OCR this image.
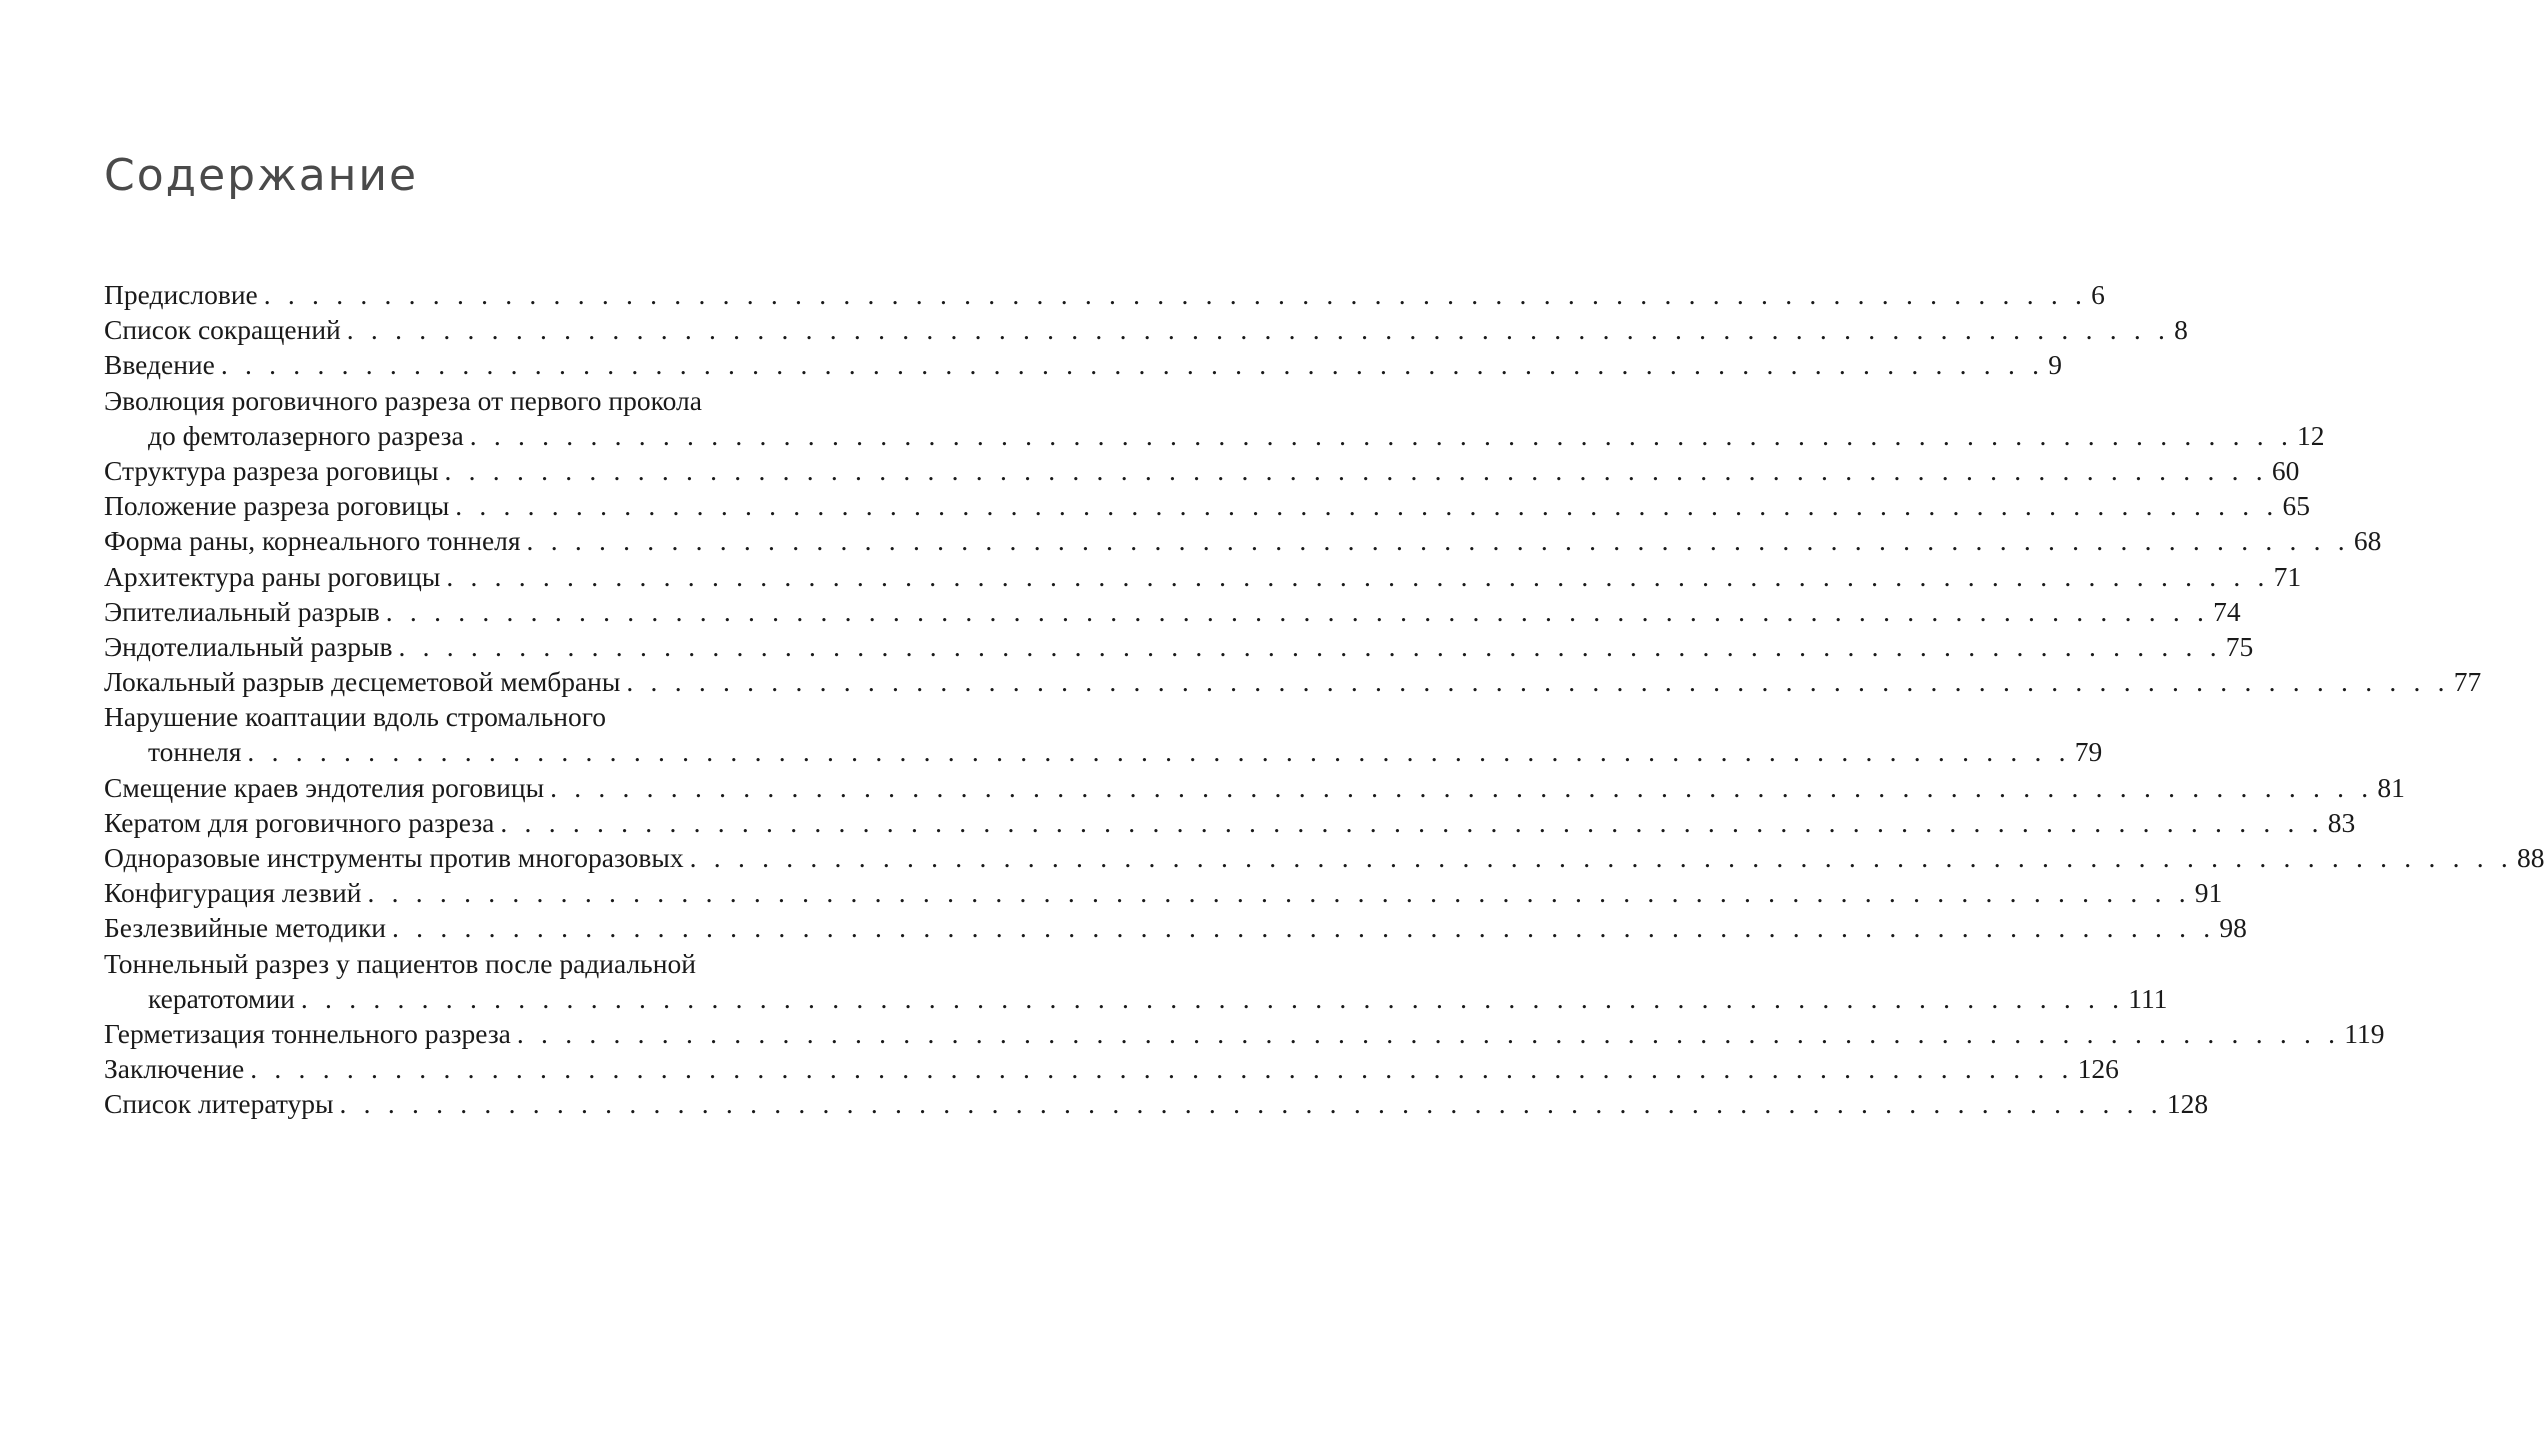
Содержание
Предисловие . . . . . . . . . . . . . . . . . . . . . . . . . . . . . . . . . . . . . . . . . . . . . . . . . . . . . . . . . . . . . . . . . . . . . . . . . . . . 6
Список сокращений . . . . . . . . . . . . . . . . . . . . . . . . . . . . . . . . . . . . . . . . . . . . . . . . . . . . . . . . . . . . . . . . . . . . . . . . . . . . 8
Введение . . . . . . . . . . . . . . . . . . . . . . . . . . . . . . . . . . . . . . . . . . . . . . . . . . . . . . . . . . . . . . . . . . . . . . . . . . . . 9
Эволюция роговичного разреза от первого прокола
до фемтолазерного разреза . . . . . . . . . . . . . . . . . . . . . . . . . . . . . . . . . . . . . . . . . . . . . . . . . . . . . . . . . . . . . . . . . . . . . . . . . . . . 12
Структура разреза роговицы . . . . . . . . . . . . . . . . . . . . . . . . . . . . . . . . . . . . . . . . . . . . . . . . . . . . . . . . . . . . . . . . . . . . . . . . . . . . 60
Положение разреза роговицы . . . . . . . . . . . . . . . . . . . . . . . . . . . . . . . . . . . . . . . . . . . . . . . . . . . . . . . . . . . . . . . . . . . . . . . . . . . . 65
Форма раны, корнеального тоннеля . . . . . . . . . . . . . . . . . . . . . . . . . . . . . . . . . . . . . . . . . . . . . . . . . . . . . . . . . . . . . . . . . . . . . . . . . . . . 68
Архитектура раны роговицы . . . . . . . . . . . . . . . . . . . . . . . . . . . . . . . . . . . . . . . . . . . . . . . . . . . . . . . . . . . . . . . . . . . . . . . . . . . . 71
Эпителиальный разрыв . . . . . . . . . . . . . . . . . . . . . . . . . . . . . . . . . . . . . . . . . . . . . . . . . . . . . . . . . . . . . . . . . . . . . . . . . . . . 74
Эндотелиальный разрыв . . . . . . . . . . . . . . . . . . . . . . . . . . . . . . . . . . . . . . . . . . . . . . . . . . . . . . . . . . . . . . . . . . . . . . . . . . . . 75
Локальный разрыв десцеметовой мембраны . . . . . . . . . . . . . . . . . . . . . . . . . . . . . . . . . . . . . . . . . . . . . . . . . . . . . . . . . . . . . . . . . . . . . . . . . . . . 77
Нарушение коаптации вдоль стромального
тоннеля . . . . . . . . . . . . . . . . . . . . . . . . . . . . . . . . . . . . . . . . . . . . . . . . . . . . . . . . . . . . . . . . . . . . . . . . . . . . 79
Смещение краев эндотелия роговицы . . . . . . . . . . . . . . . . . . . . . . . . . . . . . . . . . . . . . . . . . . . . . . . . . . . . . . . . . . . . . . . . . . . . . . . . . . . . 81
Кератом для роговичного разреза . . . . . . . . . . . . . . . . . . . . . . . . . . . . . . . . . . . . . . . . . . . . . . . . . . . . . . . . . . . . . . . . . . . . . . . . . . . . 83
Одноразовые инструменты против многоразовых . . . . . . . . . . . . . . . . . . . . . . . . . . . . . . . . . . . . . . . . . . . . . . . . . . . . . . . . . . . . . . . . . . . . . . . . . . . . 88
Конфигурация лезвий . . . . . . . . . . . . . . . . . . . . . . . . . . . . . . . . . . . . . . . . . . . . . . . . . . . . . . . . . . . . . . . . . . . . . . . . . . . . 91
Безлезвийные методики . . . . . . . . . . . . . . . . . . . . . . . . . . . . . . . . . . . . . . . . . . . . . . . . . . . . . . . . . . . . . . . . . . . . . . . . . . . . 98
Тоннельный разрез у пациентов после радиальной
кератотомии . . . . . . . . . . . . . . . . . . . . . . . . . . . . . . . . . . . . . . . . . . . . . . . . . . . . . . . . . . . . . . . . . . . . . . . . . . . . 111
Герметизация тоннельного разреза . . . . . . . . . . . . . . . . . . . . . . . . . . . . . . . . . . . . . . . . . . . . . . . . . . . . . . . . . . . . . . . . . . . . . . . . . . . . 119
Заключение . . . . . . . . . . . . . . . . . . . . . . . . . . . . . . . . . . . . . . . . . . . . . . . . . . . . . . . . . . . . . . . . . . . . . . . . . . . . 126
Список литературы . . . . . . . . . . . . . . . . . . . . . . . . . . . . . . . . . . . . . . . . . . . . . . . . . . . . . . . . . . . . . . . . . . . . . . . . . . . . 128
